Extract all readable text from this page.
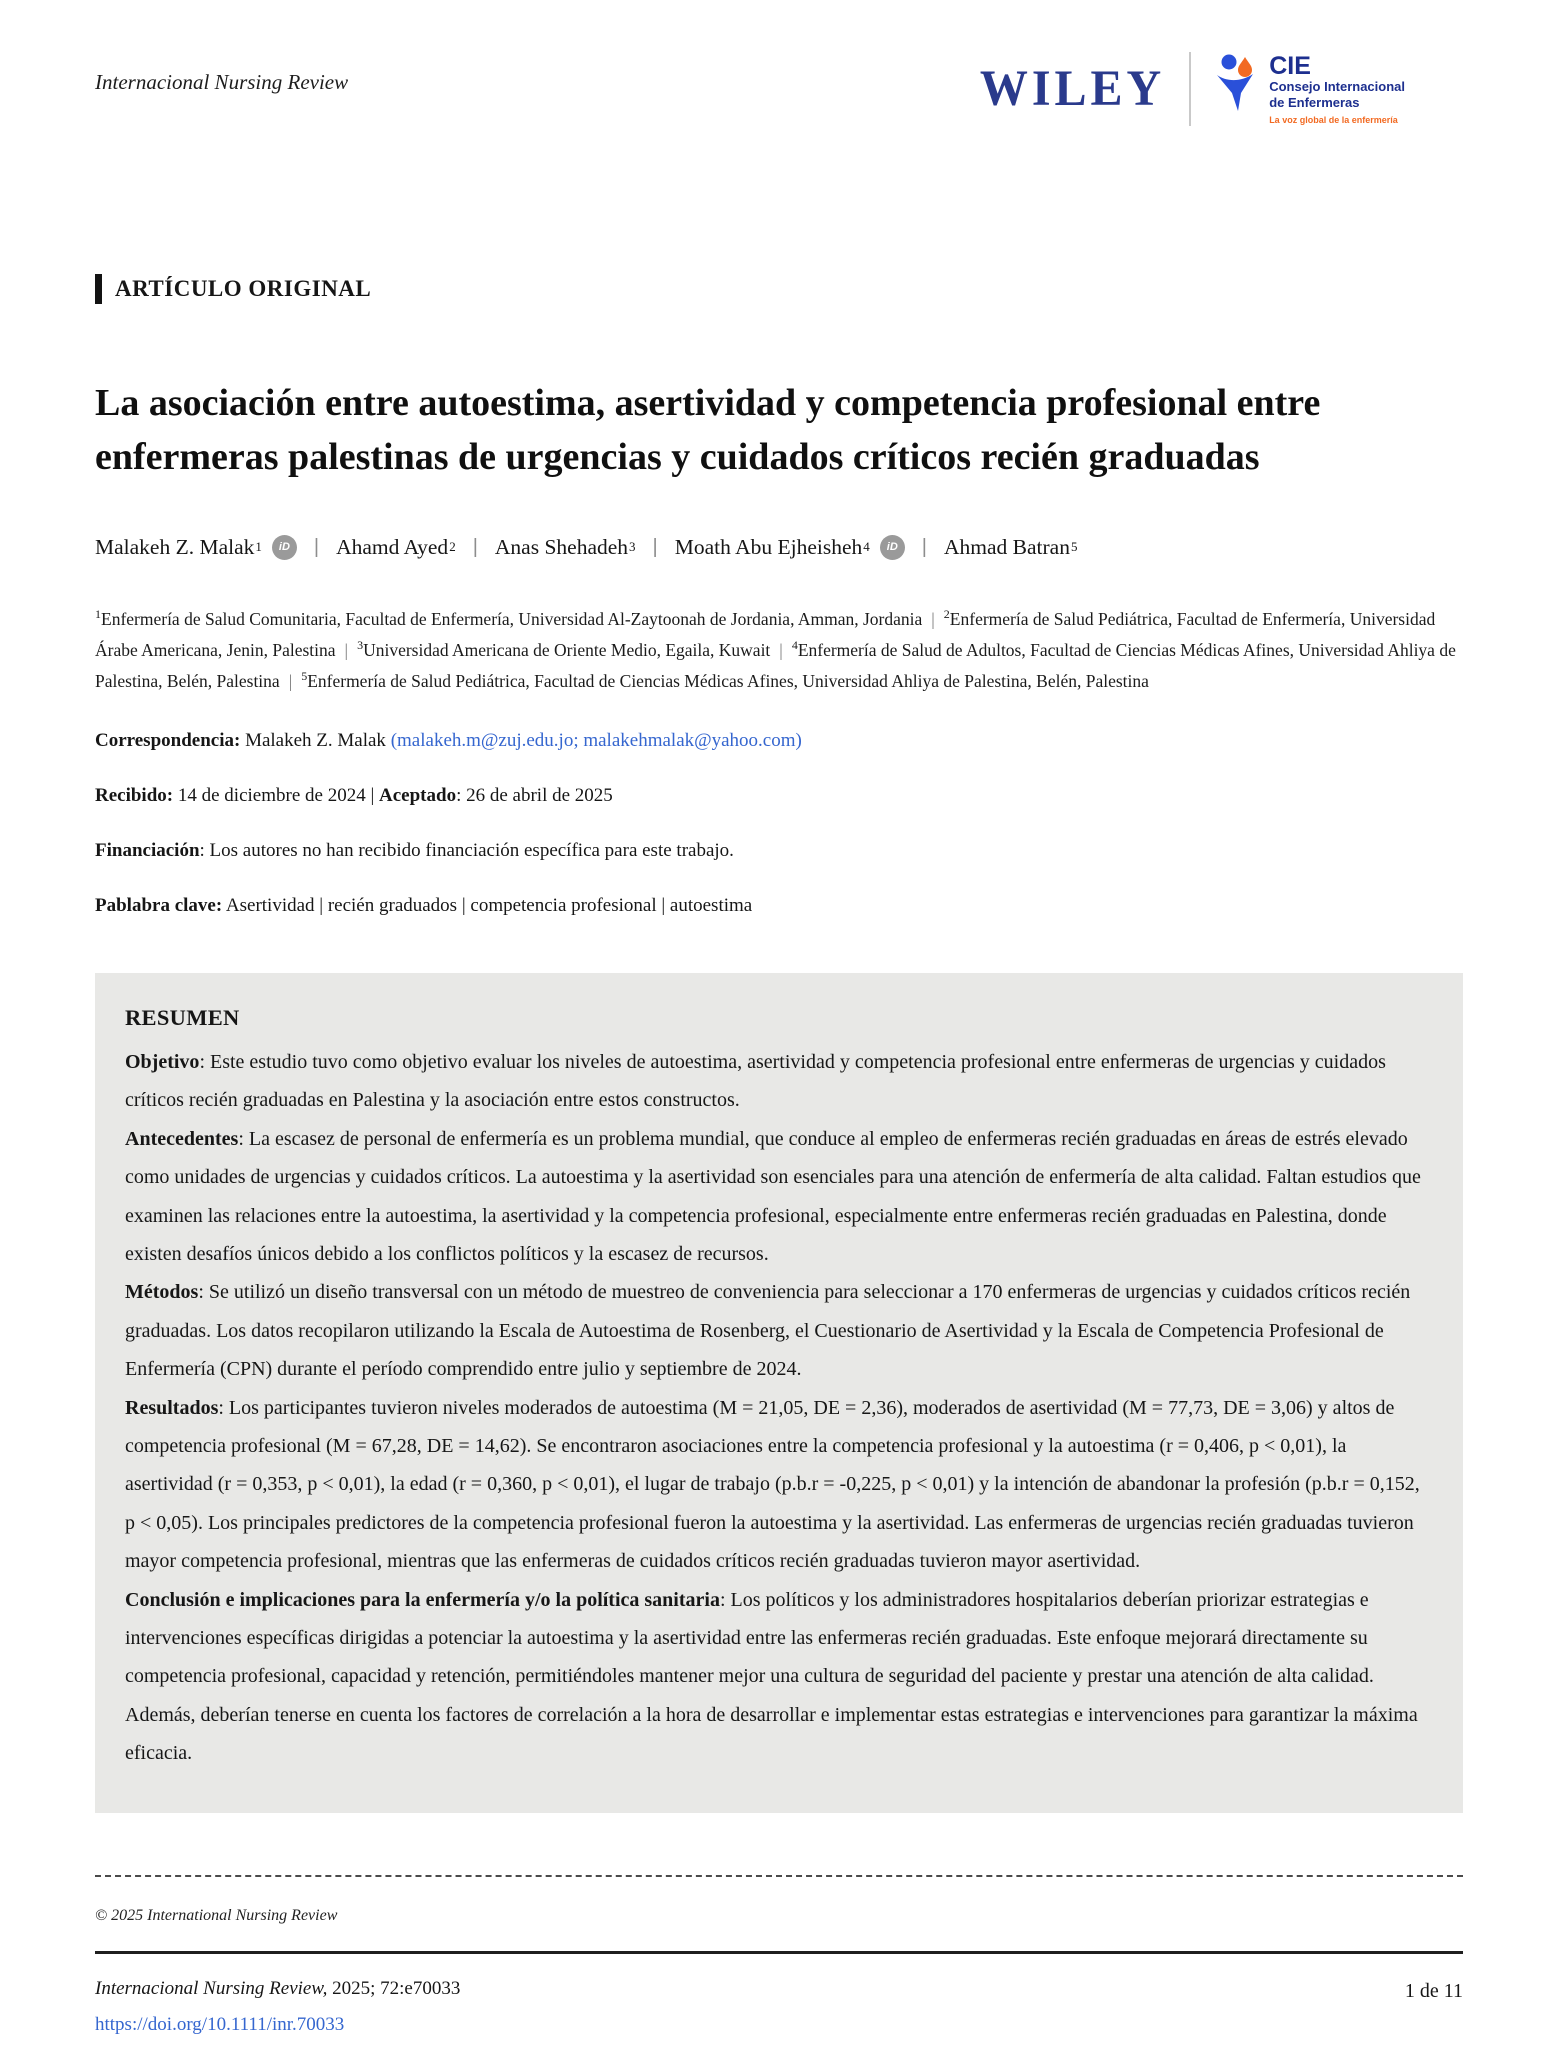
Internacional Nursing Review	WILEY	CIE
Consejo Internacional
de Enfermeras
La voz global de la enfermería
ARTÍCULO ORIGINAL
La asociación entre autoestima, asertividad y competencia profesional entre enfermeras palestinas de urgencias y cuidados críticos recién graduadas
Malakeh Z. Malak 1	iD	| Ahamd Ayed 2 | Anas Shehadeh 3 | Moath Abu Ejheisheh 4	iD	| Ahmad Batran 5

$^1$Enfermería de Salud Comunitaria, Facultad de Enfermería, Universidad Al-Zaytoonah de Jordania, Amman, Jordania | $^2$Enfermería de Salud Pediátrica, Facultad de Enfermería, Universidad Árabe Americana, Jenin, Palestina | $^3$Universidad Americana de Oriente Medio, Egaila, Kuwait | $^4$Enfermería de Salud de Adultos, Facultad de Ciencias Médicas Afines, Universidad Ahliya de Palestina, Belén, Palestina | $^5$Enfermería de Salud Pediátrica, Facultad de Ciencias Médicas Afines, Universidad Ahliya de Palestina, Belén, Palestina

Correspondencia: Malakeh Z. Malak (malakeh.m@zuj.edu.jo; malakehmalak@yahoo.com)

Recibido: 14 de diciembre de 2024 | Aceptado: 26 de abril de 2025

Financiación: Los autores no han recibido financiación específica para este trabajo.

Pablabra clave: Asertividad | recién graduados | competencia profesional | autoestima

RESUMEN

Objetivo: Este estudio tuvo como objetivo evaluar los niveles de autoestima, asertividad y competencia profesional entre enfermeras de urgencias y cuidados críticos recién graduadas en Palestina y la asociación entre estos constructos.

Antecedentes: La escasez de personal de enfermería es un problema mundial, que conduce al empleo de enfermeras recién graduadas en áreas de estrés elevado como unidades de urgencias y cuidados críticos. La autoestima y la asertividad son esenciales para una atención de enfermería de alta calidad. Faltan estudios que examinen las relaciones entre la autoestima, la asertividad y la competencia profesional, especialmente entre enfermeras recién graduadas en Palestina, donde existen desafíos únicos debido a los conflictos políticos y la escasez de recursos.

Métodos: Se utilizó un diseño transversal con un método de muestreo de conveniencia para seleccionar a 170 enfermeras de urgencias y cuidados críticos recién graduadas. Los datos recopilaron utilizando la Escala de Autoestima de Rosenberg, el Cuestionario de Asertividad y la Escala de Competencia Profesional de Enfermería (CPN) durante el período comprendido entre julio y septiembre de 2024.

Resultados: Los participantes tuvieron niveles moderados de autoestima (M = 21,05, DE = 2,36), moderados de asertividad (M = 77,73, DE = 3,06) y altos de competencia profesional (M = 67,28, DE = 14,62). Se encontraron asociaciones entre la competencia profesional y la autoestima (r = 0,406, p < 0,01), la asertividad (r = 0,353, p < 0,01), la edad (r = 0,360, p < 0,01), el lugar de trabajo (p.b.r = -0,225, p < 0,01) y la intención de abandonar la profesión (p.b.r = 0,152, p < 0,05). Los principales predictores de la competencia profesional fueron la autoestima y la asertividad. Las enfermeras de urgencias recién graduadas tuvieron mayor competencia profesional, mientras que las enfermeras de cuidados críticos recién graduadas tuvieron mayor asertividad.

Conclusión e implicaciones para la enfermería y/o la política sanitaria: Los políticos y los administradores hospitalarios deberían priorizar estrategias e intervenciones específicas dirigidas a potenciar la autoestima y la asertividad entre las enfermeras recién graduadas. Este enfoque mejorará directamente su competencia profesional, capacidad y retención, permitiéndoles mantener mejor una cultura de seguridad del paciente y prestar una atención de alta calidad. Además, deberían tenerse en cuenta los factores de correlación a la hora de desarrollar e implementar estas estrategias e intervenciones para garantizar la máxima eficacia.

© 2025 International Nursing Review

Internacional Nursing Review, 2025; 72:e70033

https://doi.org/10.1111/inr.70033
1 de 11
